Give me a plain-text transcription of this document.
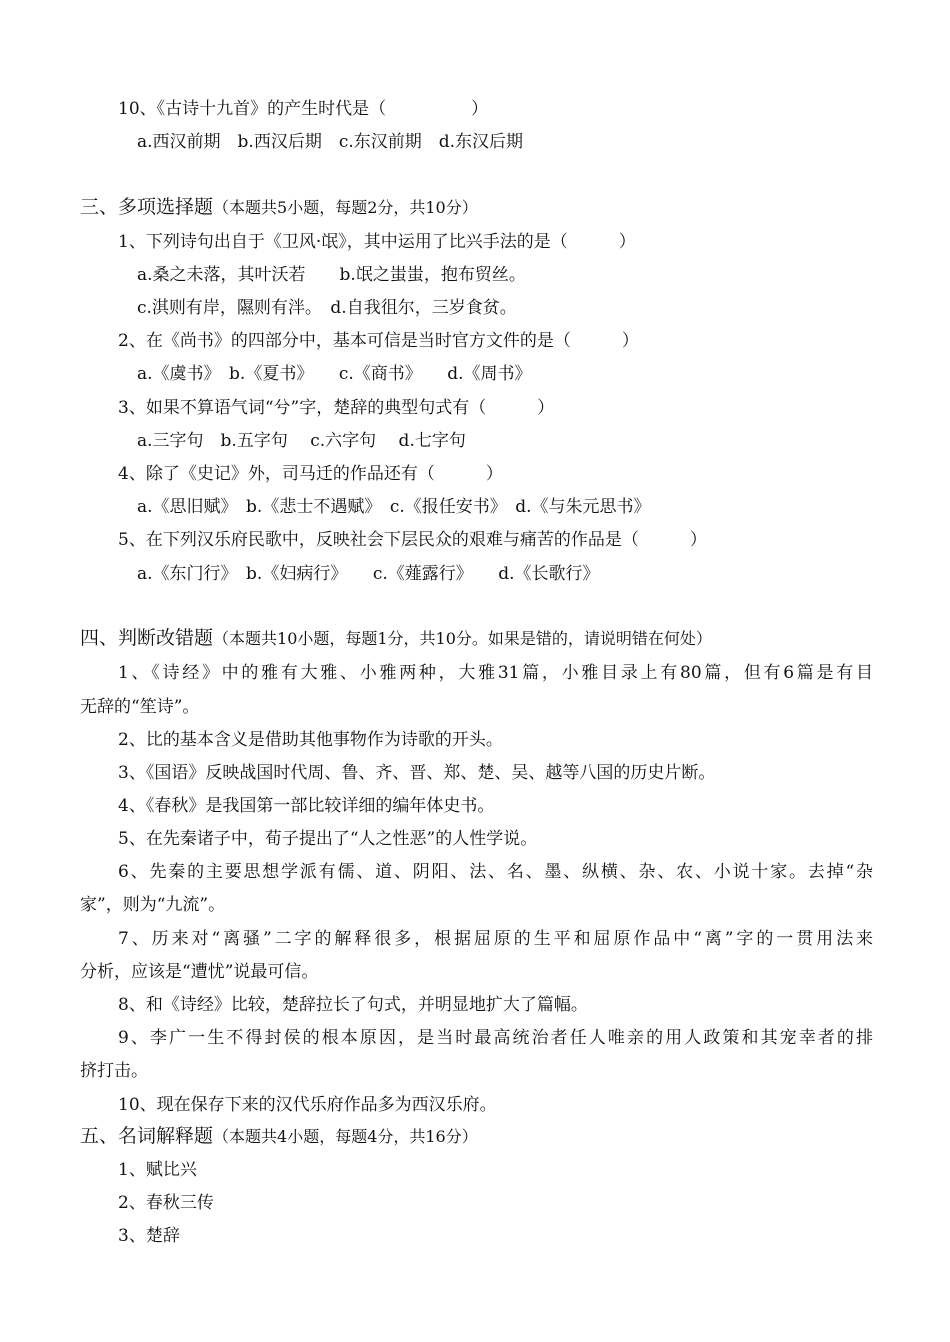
10、《古诗十九首》的产生时代是（　　　　　）
a.西汉前期　b.西汉后期　c.东汉前期　d.东汉后期
三、多项选择题（本题共5小题，每题2分，共10分）
1、下列诗句出自于《卫风·氓》，其中运用了比兴手法的是（　　　）
a.桑之未落，其叶沃若　　b.氓之蚩蚩，抱布贸丝。
c.淇则有岸，隰则有泮。　d.自我徂尔，三岁食贫。
2、在《尚书》的四部分中，基本可信是当时官方文件的是（　　　）
a.《虞书》　b.《夏书》　　c.《商书》　　d.《周书》
3、如果不算语气词“兮”字，楚辞的典型句式有（　　　）
a.三字句　b.五字句　 c.六字句　 d.七字句
4、除了《史记》外，司马迁的作品还有（　　　）
a.《思旧赋》　b.《悲士不遇赋》　c.《报任安书》　d.《与朱元思书》
5、在下列汉乐府民歌中，反映社会下层民众的艰难与痛苦的作品是（　　　）
a.《东门行》　b.《妇病行》　　c.《薤露行》　　d.《长歌行》
四、判断改错题（本题共10小题，每题1分，共10分。如果是错的，请说明错在何处）
1、《诗经》中的雅有大雅、小雅两种，大雅31篇，小雅目录上有80篇，但有6篇是有目
无辞的“笙诗”。
2、比的基本含义是借助其他事物作为诗歌的开头。
3、《国语》反映战国时代周、鲁、齐、晋、郑、楚、吴、越等八国的历史片断。
4、《春秋》是我国第一部比较详细的编年体史书。
5、在先秦诸子中，荀子提出了“人之性恶”的人性学说。
6、先秦的主要思想学派有儒、道、阴阳、法、名、墨、纵横、杂、农、小说十家。去掉“杂
家”，则为“九流”。
7、历来对“离骚”二字的解释很多，根据屈原的生平和屈原作品中“离”字的一贯用法来
分析，应该是“遭忧”说最可信。
8、和《诗经》比较，楚辞拉长了句式，并明显地扩大了篇幅。
9、李广一生不得封侯的根本原因，是当时最高统治者任人唯亲的用人政策和其宠幸者的排
挤打击。
10、现在保存下来的汉代乐府作品多为西汉乐府。
五、名词解释题（本题共4小题，每题4分，共16分）
1、赋比兴
2、春秋三传
3、楚辞
